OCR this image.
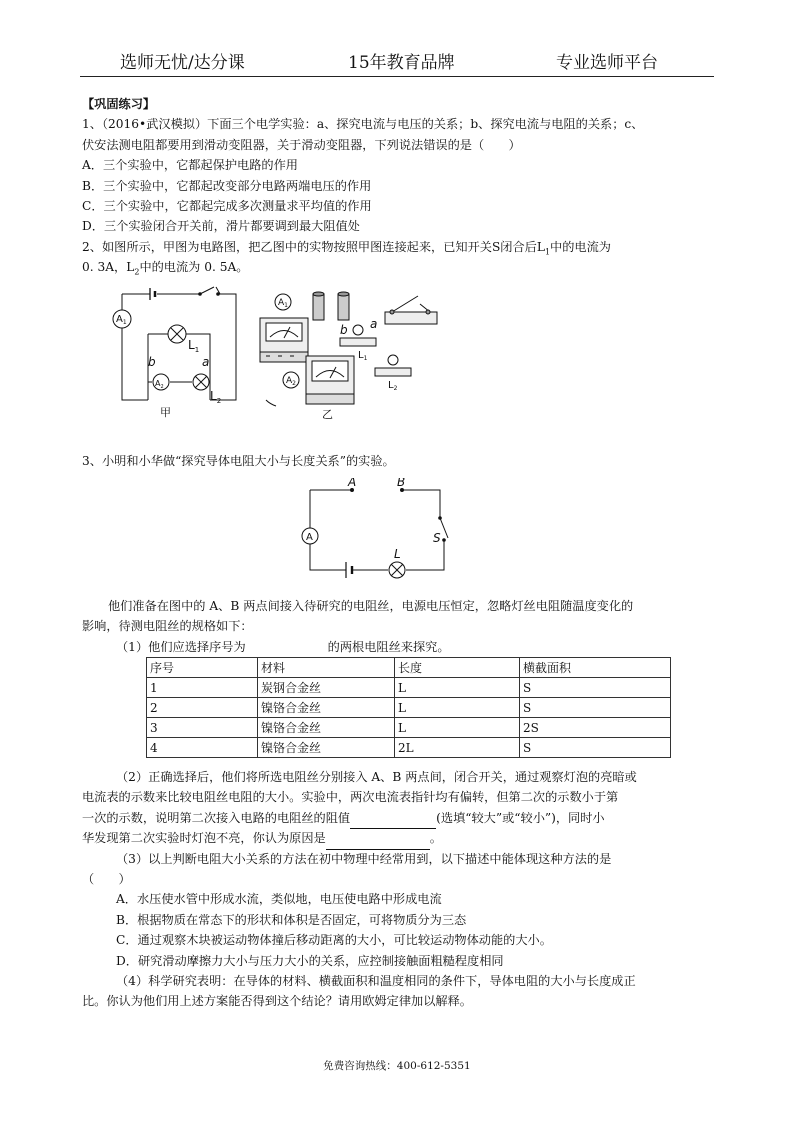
选师无忧/达分课	15年教育品牌	专业选师平台
【巩固练习】
1、（2016•武汉模拟）下面三个电学实验：a、探究电流与电压的关系；b、探究电流与电阻的关系；c、
伏安法测电阻都要用到滑动变阻器，关于滑动变阻器，下列说法错误的是（　　）
A．三个实验中，它都起保护电路的作用
B．三个实验中，它都起改变部分电路两端电压的作用
C．三个实验中，它都起完成多次测量求平均值的作用
D．三个实验闭合开关前，滑片都要调到最大阻值处
2、如图所示，甲图为电路图，把乙图中的实物按照甲图连接起来，已知开关S闭合后$L_1$中的电流为
0. 3A，$L_2$中的电流为 0. 5A。
$A_1$
$L_1$
b	a
$A_2$
$L_2$
甲
$A_1$
b a
$L_1$
$A_2$	$L_2$
乙
3、小明和小华做“探究导体电阻大小与长度关系”的实验。
A
A	B
S
L
他们准备在图中的 A、B 两点间接入待研究的电阻丝，电源电压恒定，忽略灯丝电阻随温度变化的
影响，待测电阻丝的规格如下：
（1）他们应选择序号为	的两根电阻丝来探究。
序号	材料	长度	横截面积
1	炭钢合金丝	L	S
2	镍铬合金丝	L	S
3	镍铬合金丝	L	2S
4	镍铬合金丝	2L	S
（2）正确选择后，他们将所选电阻丝分别接入 A、B 两点间，闭合开关，通过观察灯泡的亮暗或
电流表的示数来比较电阻丝电阻的大小。实验中，两次电流表指针均有偏转，但第二次的示数小于第
一次的示数，说明第二次接入电路的电阻丝的阻值	(选填“较大”或“较小”)，同时小
华发现第二次实验时灯泡不亮，你认为原因是	。
（3）以上判断电阻大小关系的方法在初中物理中经常用到，以下描述中能体现这种方法的是
（　　）
A．水压使水管中形成水流，类似地，电压使电路中形成电流
B．根据物质在常态下的形状和体积是否固定，可将物质分为三态
C．通过观察木块被运动物体撞后移动距离的大小，可比较运动物体动能的大小。
D．研究滑动摩擦力大小与压力大小的关系，应控制接触面粗糙程度相同
（4）科学研究表明：在导体的材料、横截面积和温度相同的条件下，导体电阻的大小与长度成正
比。你认为他们用上述方案能否得到这个结论？请用欧姆定律加以解释。
免费咨询热线：400-612-5351
